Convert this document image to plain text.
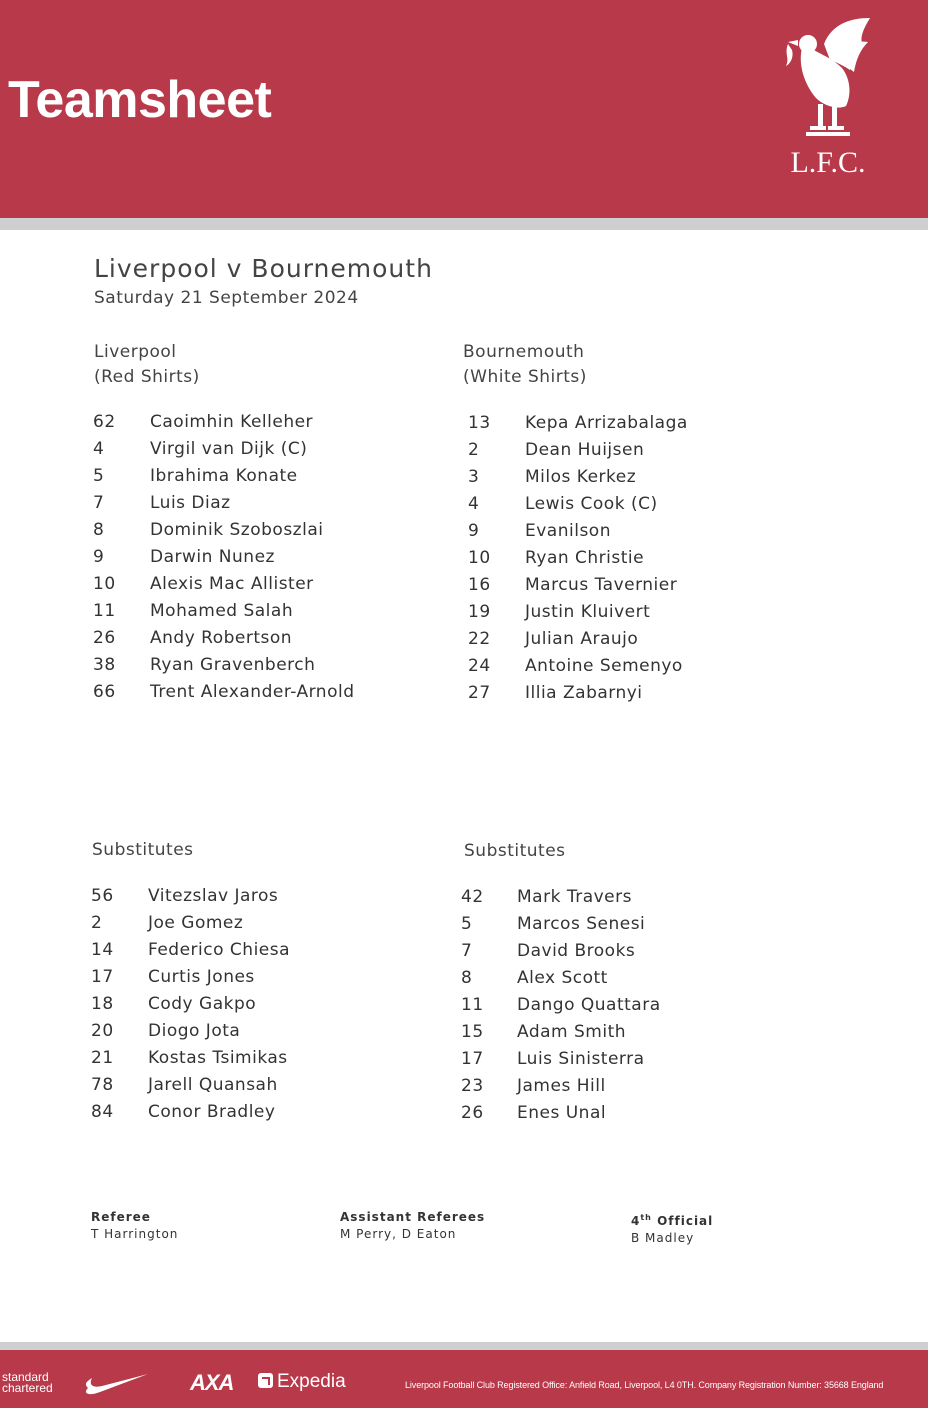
Teamsheet
L.F.C.
Liverpool v Bournemouth
Saturday 21 September 2024
Liverpool
(Red Shirts)
Bournemouth
(White Shirts)
62 Caoimhin Kelleher
4	Virgil van Dijk (C)
5	Ibrahima Konate
7	Luis Diaz
8	Dominik Szoboszlai
9	Darwin Nunez
10 Alexis Mac Allister
11 Mohamed Salah
26 Andy Robertson
38 Ryan Gravenberch
66 Trent Alexander-Arnold
13 Kepa Arrizabalaga
2	Dean Huijsen
3	Milos Kerkez
4	Lewis Cook (C)
9	Evanilson
10 Ryan Christie
16 Marcus Tavernier
19 Justin Kluivert
22 Julian Araujo
24 Antoine Semenyo
27 Illia Zabarnyi
Substitutes	Substitutes
56 Vitezslav Jaros
2	Joe Gomez
14 Federico Chiesa
17 Curtis Jones
18 Cody Gakpo
20 Diogo Jota
21 Kostas Tsimikas
78 Jarell Quansah
84 Conor Bradley
42 Mark Travers
5	Marcos Senesi
7	David Brooks
8	Alex Scott
11 Dango Quattara
15 Adam Smith
17 Luis Sinisterra
23 James Hill
26 Enes Unal
Referee
T Harrington
Assistant Referees
M Perry, D Eaton
4th Official
B Madley
standard
chartered	AXA	Expedia	Liverpool Football Club Registered Office: Anfield Road, Liverpool, L4 0TH. Company Registration Number: 35668 England
